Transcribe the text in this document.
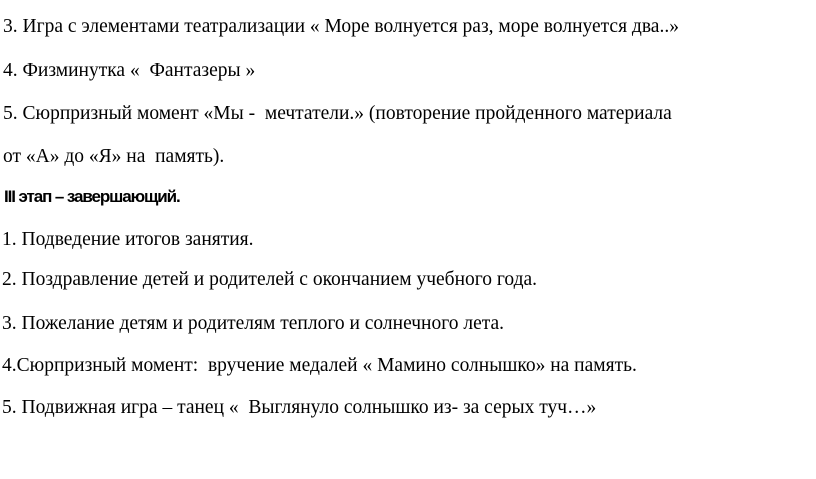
3. Игра с элементами театрализации « Море волнуется раз, море волнуется два..»
4. Физминутка «  Фантазеры »
5. Сюрпризный момент «Мы -  мечтатели.» (повторение пройденного материала
от «А» до «Я» на  память).
III этап – завершающий.
1. Подведение итогов занятия.
2. Поздравление детей и родителей с окончанием учебного года.
3. Пожелание детям и родителям теплого и солнечного лета.
4.Сюрпризный момент:  вручение медалей « Мамино солнышко» на память.
5. Подвижная игра – танец «  Выглянуло солнышко из- за серых туч…»
